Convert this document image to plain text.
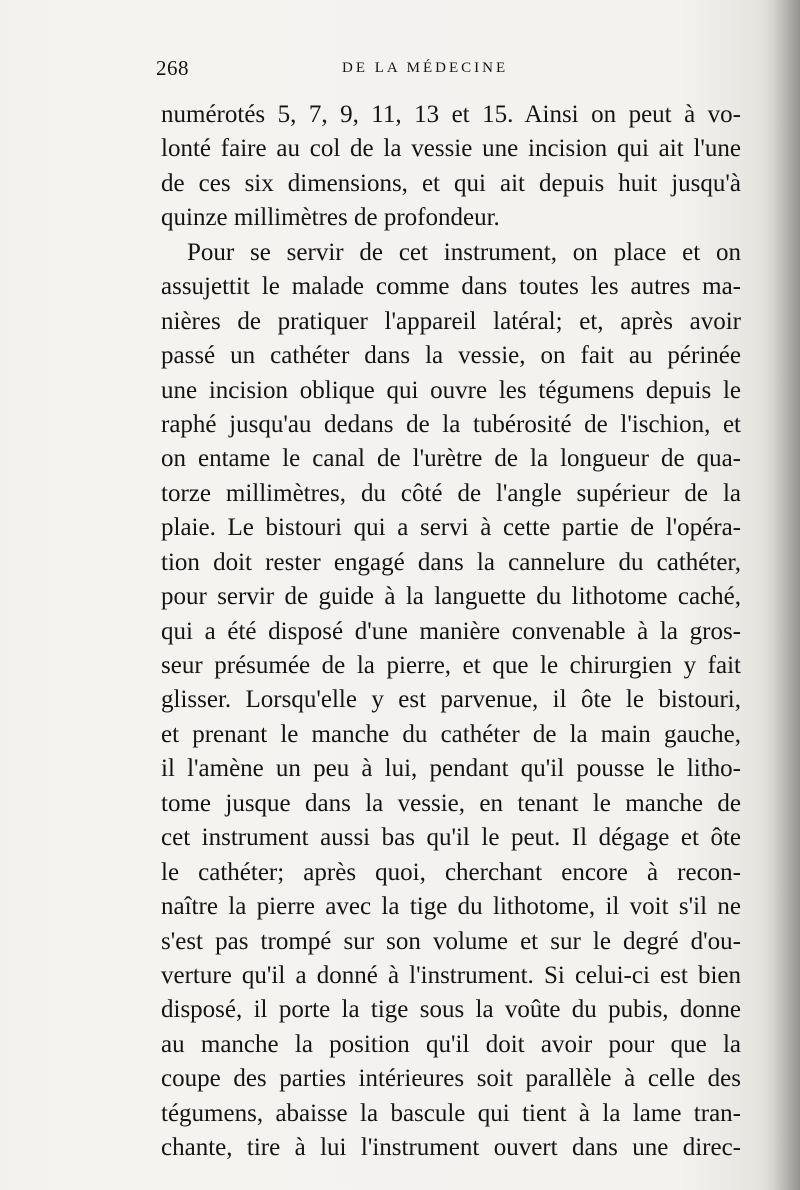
268	DE LA MÉDECINE
numérotés 5, 7, 9, 11, 13 et 15. Ainsi on peut à vo-
lonté faire au col de la vessie une incision qui ait l'une
de ces six dimensions, et qui ait depuis huit jusqu'à
quinze millimètres de profondeur.
Pour se servir de cet instrument, on place et on
assujettit le malade comme dans toutes les autres ma-
nières de pratiquer l'appareil latéral; et, après avoir
passé un cathéter dans la vessie, on fait au périnée
une incision oblique qui ouvre les tégumens depuis le
raphé jusqu'au dedans de la tubérosité de l'ischion, et
on entame le canal de l'urètre de la longueur de qua-
torze millimètres, du côté de l'angle supérieur de la
plaie. Le bistouri qui a servi à cette partie de l'opéra-
tion doit rester engagé dans la cannelure du cathéter,
pour servir de guide à la languette du lithotome caché,
qui a été disposé d'une manière convenable à la gros-
seur présumée de la pierre, et que le chirurgien y fait
glisser. Lorsqu'elle y est parvenue, il ôte le bistouri,
et prenant le manche du cathéter de la main gauche,
il l'amène un peu à lui, pendant qu'il pousse le litho-
tome jusque dans la vessie, en tenant le manche de
cet instrument aussi bas qu'il le peut. Il dégage et ôte
le cathéter; après quoi, cherchant encore à recon-
naître la pierre avec la tige du lithotome, il voit s'il ne
s'est pas trompé sur son volume et sur le degré d'ou-
verture qu'il a donné à l'instrument. Si celui-ci est bien
disposé, il porte la tige sous la voûte du pubis, donne
au manche la position qu'il doit avoir pour que la
coupe des parties intérieures soit parallèle à celle des
tégumens, abaisse la bascule qui tient à la lame tran-
chante, tire à lui l'instrument ouvert dans une direc-
